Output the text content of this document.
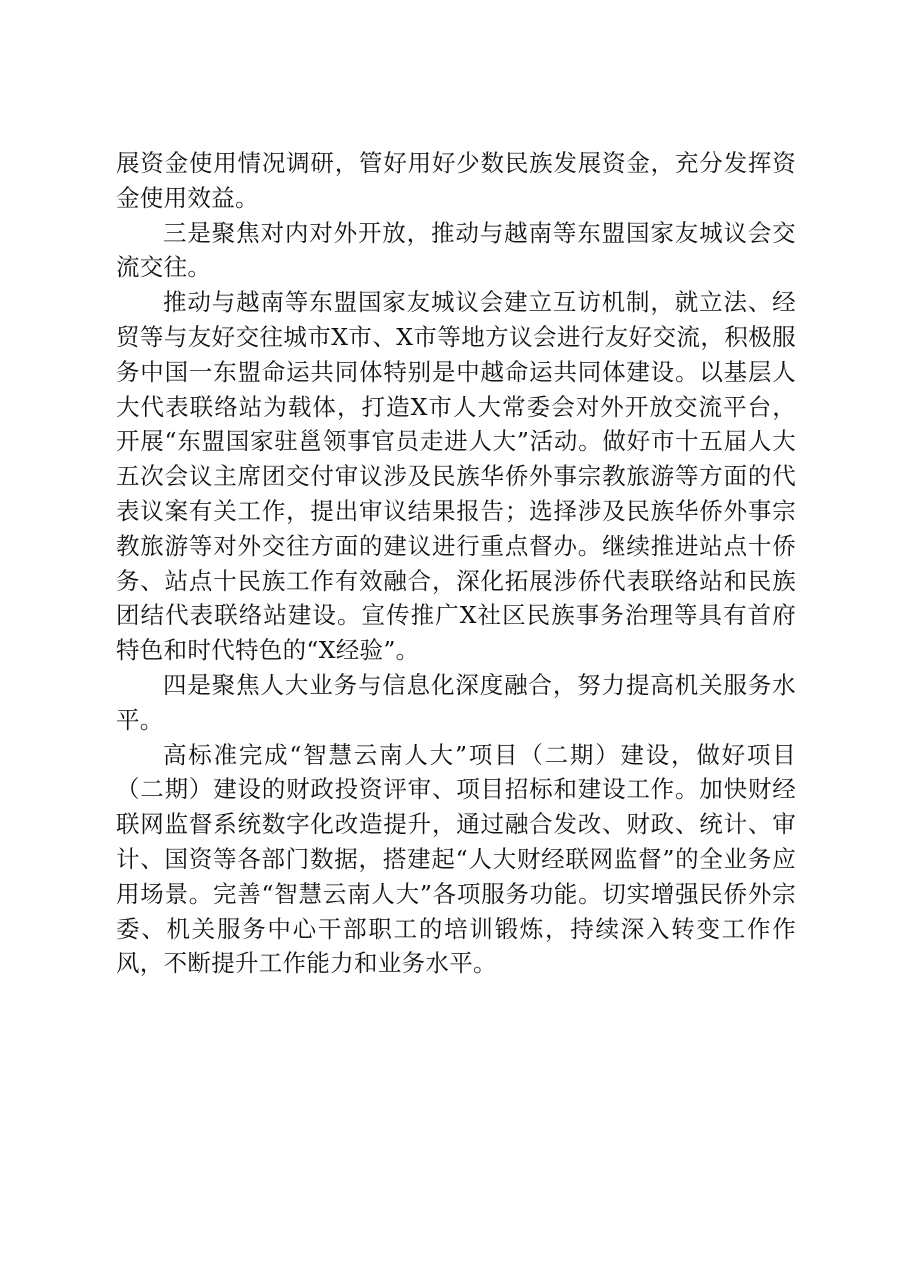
展资金使用情况调研，管好用好少数民族发展资金，充分发挥资金使用效益。

三是聚焦对内对外开放，推动与越南等东盟国家友城议会交流交往。

推动与越南等东盟国家友城议会建立互访机制，就立法、经贸等与友好交往城市X市、X市等地方议会进行友好交流，积极服务中国一东盟命运共同体特别是中越命运共同体建设。以基层人大代表联络站为载体，打造X市人大常委会对外开放交流平台，开展“东盟国家驻邕领事官员走进人大”活动。做好市十五届人大五次会议主席团交付审议涉及民族华侨外事宗教旅游等方面的代表议案有关工作，提出审议结果报告；选择涉及民族华侨外事宗教旅游等对外交往方面的建议进行重点督办。继续推进站点十侨务、站点十民族工作有效融合，深化拓展涉侨代表联络站和民族团结代表联络站建设。宣传推广X社区民族事务治理等具有首府特色和时代特色的“X经验”。

四是聚焦人大业务与信息化深度融合，努力提高机关服务水平。

高标准完成“智慧云南人大”项目（二期）建设，做好项目（二期）建设的财政投资评审、项目招标和建设工作。加快财经联网监督系统数字化改造提升，通过融合发改、财政、统计、审计、国资等各部门数据，搭建起“人大财经联网监督”的全业务应用场景。完善“智慧云南人大”各项服务功能。切实增强民侨外宗委、机关服务中心干部职工的培训锻炼，持续深入转变工作作风，不断提升工作能力和业务水平。
